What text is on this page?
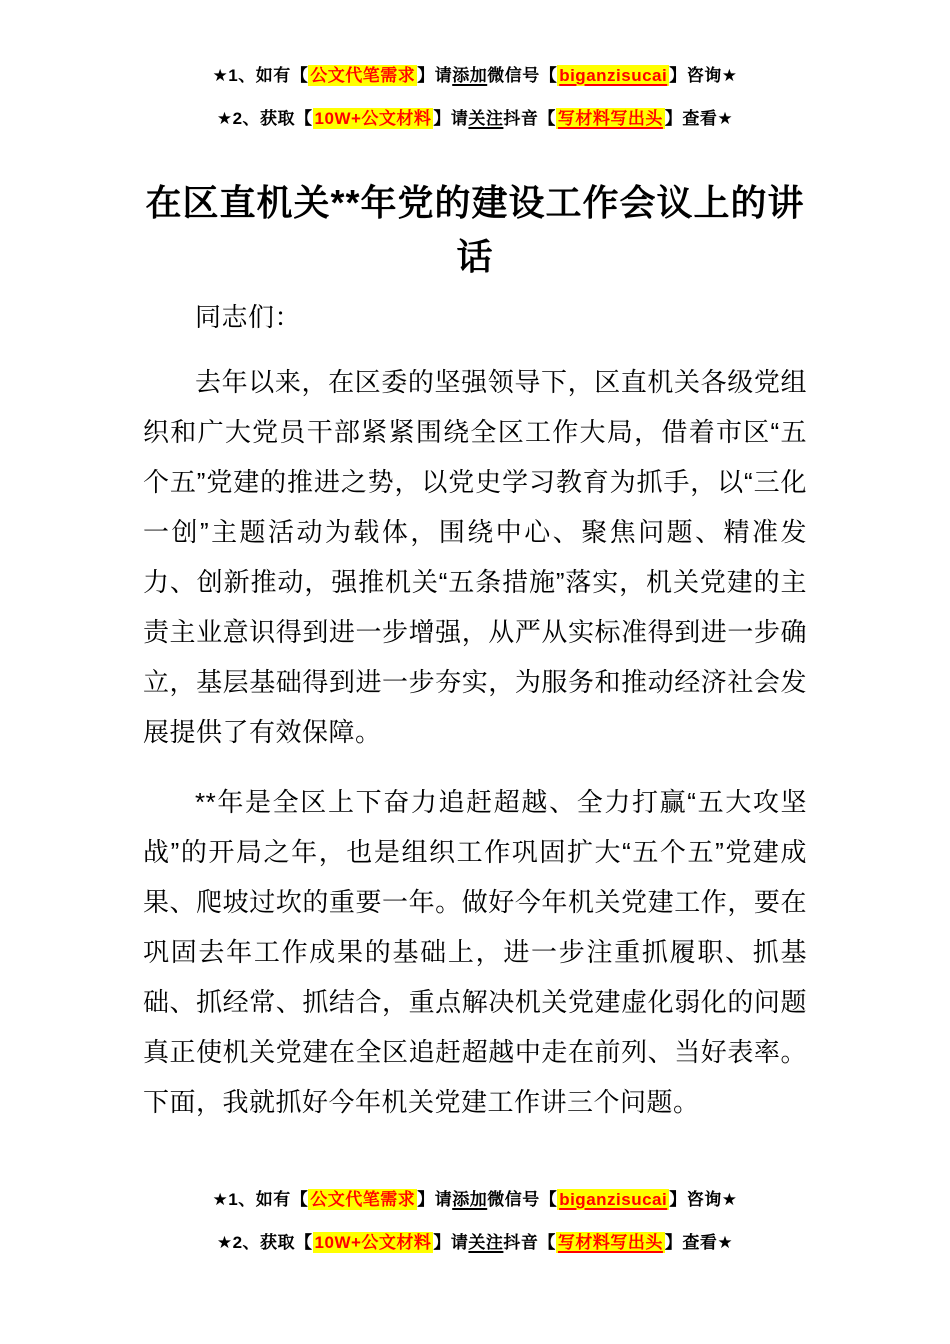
★1、如有【 公文代笔需求 】请添加微信号【 biganzisucai 】咨询★
★2、获取【 10W+公文材料 】请关注抖音【 写材料写出头 】查看★
在区直机关**年党的建设工作会议上的讲话

同志们：

去年以来，在区委的坚强领导下，区直机关各级党组织和广大党员干部紧紧围绕全区工作大局，借着市区“五个五”党建的推进之势，以党史学习教育为抓手，以“三化一创”主题活动为载体，围绕中心、聚焦问题、精准发力、创新推动，强推机关“五条措施”落实，机关党建的主责主业意识得到进一步增强，从严从实标准得到进一步确立，基层基础得到进一步夯实，为服务和推动经济社会发展提供了有效保障。

**年是全区上下奋力追赶超越、全力打赢“五大攻坚战”的开局之年，也是组织工作巩固扩大“五个五”党建成果、爬坡过坎的重要一年。做好今年机关党建工作，要在巩固去年工作成果的基础上，进一步注重抓履职、抓基础、抓经常、抓结合，重点解决机关党建虚化弱化的问题真正使机关党建在全区追赶超越中走在前列、当好表率。下面，我就抓好今年机关党建工作讲三个问题。

★1、如有【 公文代笔需求 】请添加微信号【 biganzisucai 】咨询★
★2、获取【 10W+公文材料 】请关注抖音【 写材料写出头 】查看★
